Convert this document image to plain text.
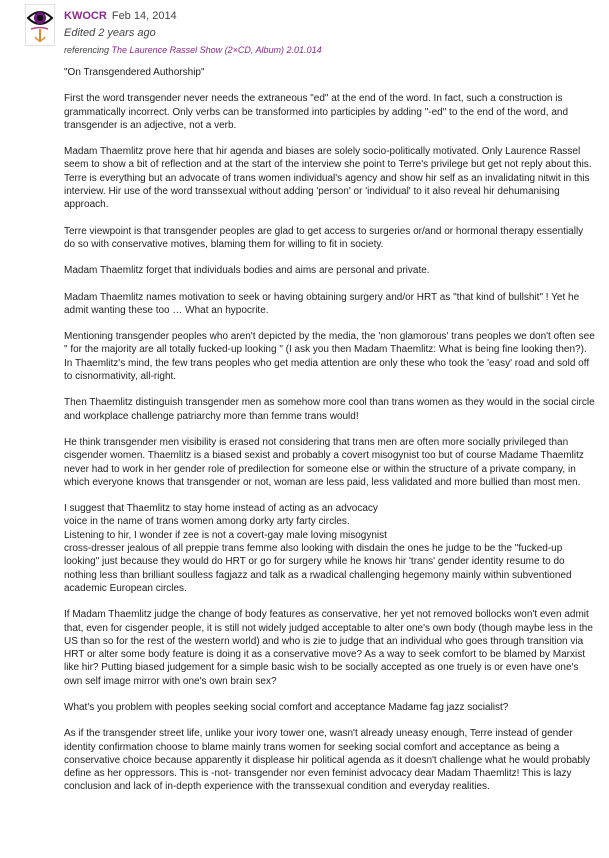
KWOCR Feb 14, 2014
Edited 2 years ago
referencing The Laurence Rassel Show (2×CD, Album) 2.01.014

"On Transgendered Authorship"

First the word transgender never needs the extraneous "ed" at the end of the word. In fact, such a construction is grammatically incorrect. Only verbs can be transformed into participles by adding "-ed" to the end of the word, and transgender is an adjective, not a verb.

Madam Thaemlitz prove here that hir agenda and biases are solely socio-politically motivated. Only Laurence Rassel seem to show a bit of reflection and at the start of the interview she point to Terre's privilege but get not reply about this. Terre is everything but an advocate of trans women individual's agency and show hir self as an invalidating nitwit in this interview. Hir use of the word transsexual without adding 'person' or 'individual' to it also reveal hir dehumanising approach.

Terre viewpoint is that transgender peoples are glad to get access to surgeries or/and or hormonal therapy essentially do so with conservative motives, blaming them for willing to fit in society.

Madam Thaemlitz forget that individuals bodies and aims are personal and private.

Madam Thaemlitz names motivation to seek or having obtaining surgery and/or HRT as "that kind of bullshit" ! Yet he admit wanting these too … What an hypocrite.

Mentioning transgender peoples who aren't depicted by the media, the 'non glamorous' trans peoples we don't often see " for the majority are all totally fucked-up looking " (I ask you then Madam Thaemlitz: What is being fine looking then?). In Thaemlitz's mind, the few trans peoples who get media attention are only these who took the 'easy' road and sold off to cisnormativity, all-right.

Then Thaemlitz distinguish transgender men as somehow more cool than trans women as they would in the social circle and workplace challenge patriarchy more than femme trans would!

He think transgender men visibility is erased not considering that trans men are often more socially privileged than cisgender women. Thaemlitz is a biased sexist and probably a covert misogynist too but of course Madame Thaemlitz never had to work in her gender role of predilection for someone else or within the structure of a private company, in which everyone knows that transgender or not, woman are less paid, less validated and more bullied than most men.

I suggest that Thaemlitz to stay home instead of acting as an advocacy
voice in the name of trans women among dorky arty farty circles.
Listening to hir, I wonder if zee is not a covert-gay male loving misogynist
cross-dresser jealous of all preppie trans femme also looking with disdain the ones he judge to be the "fucked-up looking" just because they would do HRT or go for surgery while he knows hir 'trans' gender identity resume to do nothing less than brilliant soulless fagjazz and talk as a rwadical challenging hegemony mainly within subventioned academic European circles.

If Madam Thaemlitz judge the change of body features as conservative, her yet not removed bollocks won't even admit that, even for cisgender people, it is still not widely judged acceptable to alter one's own body (though maybe less in the US than so for the rest of the western world) and who is zie to judge that an individual who goes through transition via HRT or alter some body feature is doing it as a conservative move? As a way to seek comfort to be blamed by Marxist like hir? Putting biased judgement for a simple basic wish to be socially accepted as one truely is or even have one's own self image mirror with one's own brain sex?

What's you problem with peoples seeking social comfort and acceptance Madame fag jazz socialist?

As if the transgender street life, unlike your ivory tower one, wasn't already uneasy enough, Terre instead of gender identity confirmation choose to blame mainly trans women for seeking social comfort and acceptance as being a conservative choice because apparently it displease hir political agenda as it doesn't challenge what he would probably define as her oppressors. This is -not- transgender nor even feminist advocacy dear Madam Thaemlitz! This is lazy conclusion and lack of in-depth experience with the transsexual condition and everyday realities.
